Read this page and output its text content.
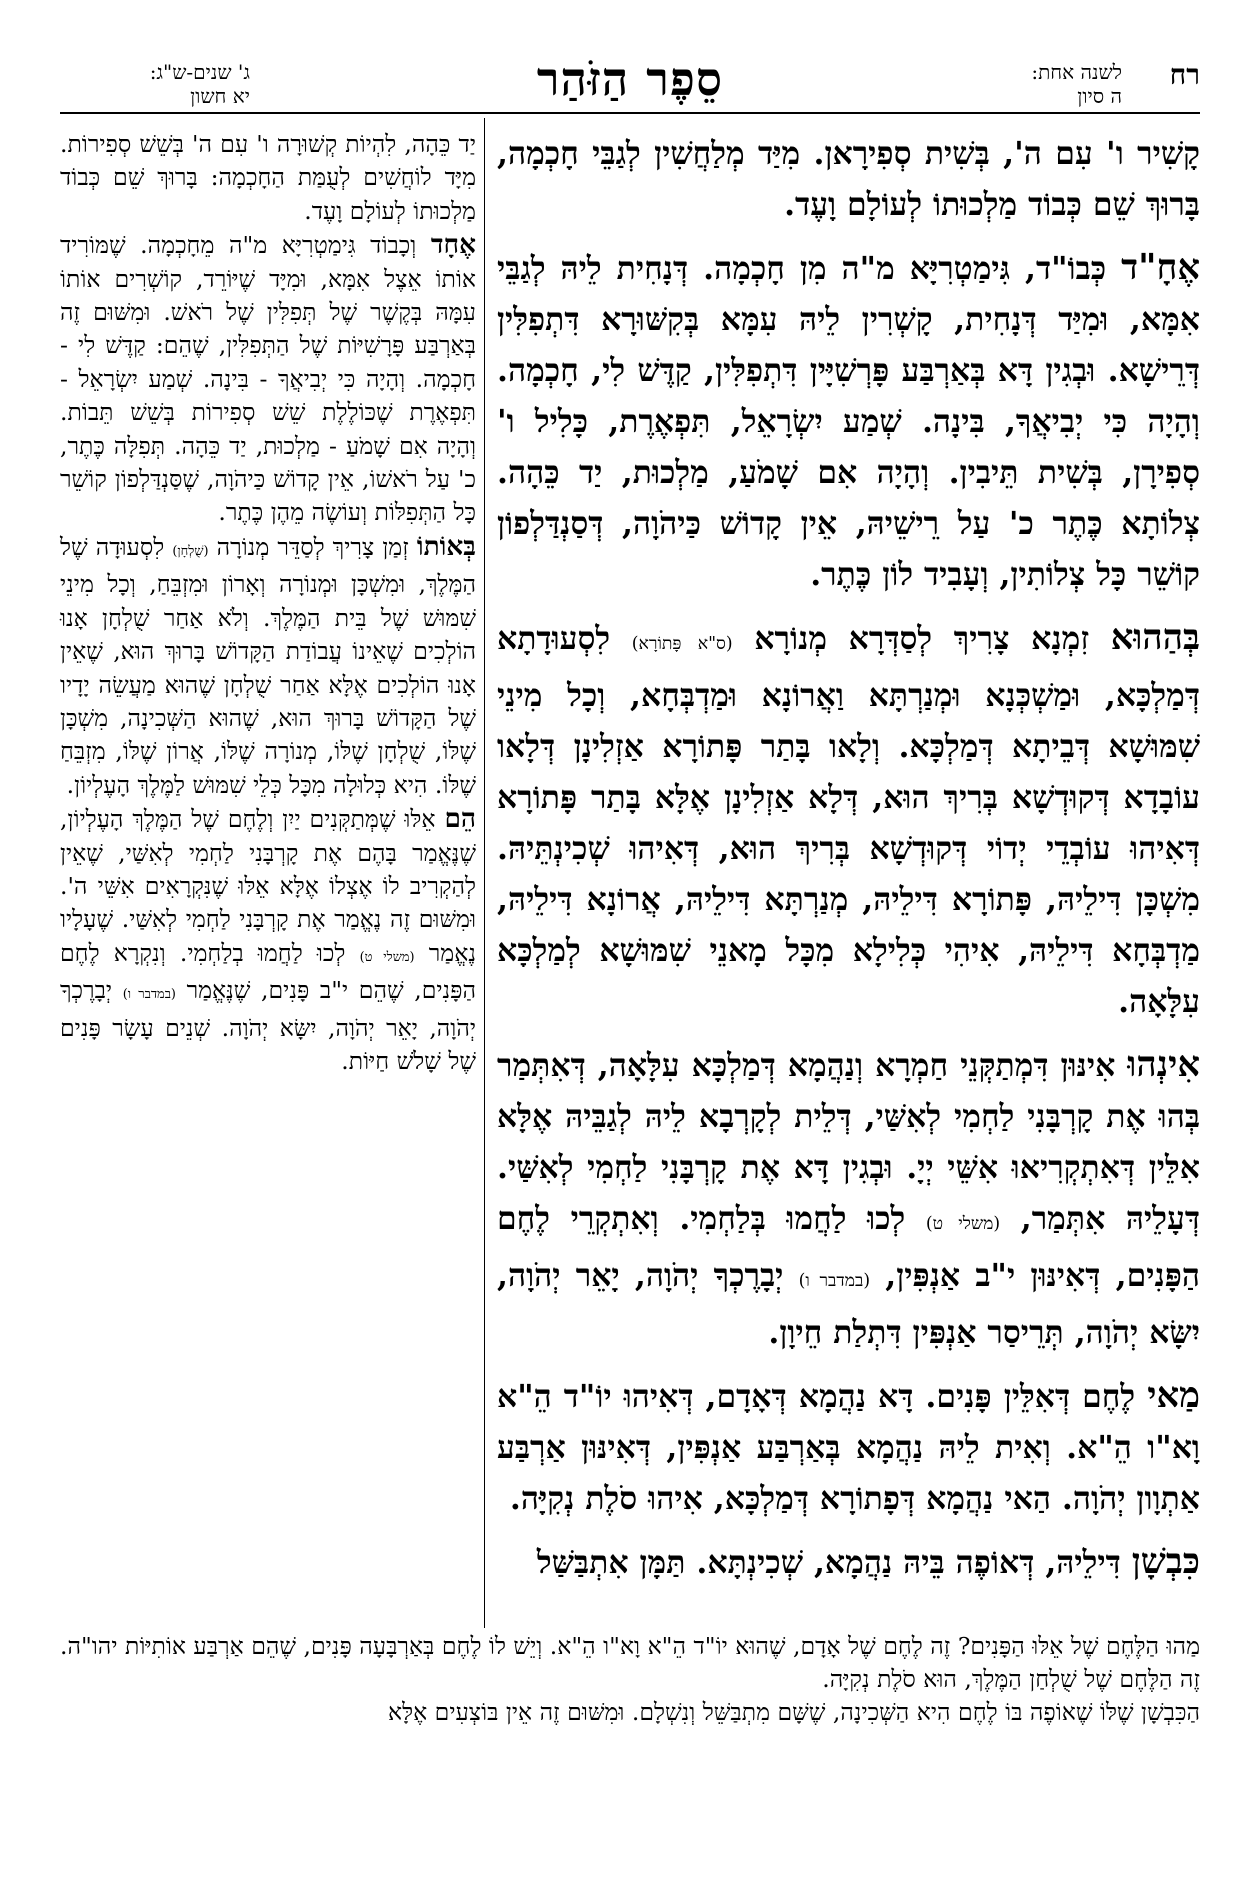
רח
לשנה אחת:
ה סיון
סֵפֶר הַזֹּהַר
ג' שנים-ש"ג:
יא חשון

קָשִׁיר ו' עִם ה', בְּשִׁית סְפִירָאן. מִיַּד מְלַחֲשִׁין לְגַבֵּי חָכְמָה, בָּרוּךְ שֵׁם כְּבוֹד מַלְכוּתוֹ לְעוֹלָם וָעֶד.

אֶחָ"ד כְּבוֹ"ד, גִּימַטְרִיָּא מ"ה מִן חָכְמָה. דְּנָחִית לֵיהּ לְגַבֵּי אִמָּא, וּמִיַּד דְּנָחִית, קָשְׁרִין לֵיהּ עִמָּא בְּקִשּׁוּרָא דִּתְפִלִּין דְּרֵישָׁא. וּבְגִין דָּא בְּאַרְבַּע פָּרְשִׁיָּין דִּתְפִלִּין, קַדֶּשׁ לִי, חָכְמָה. וְהָיָה כִּי יְבִיאֲךָ, בִּינָה. שְׁמַע יִשְׂרָאֵל, תִּפְאֶרֶת, כָּלִיל ו' סְפִירָן, בְּשִׁית תֵּיבִין. וְהָיָה אִם שָׁמֹעַ, מַלְכוּת, יַד כֵּהָה. צְלוֹתָא כֶּתֶר כ' עַל רֵישֵׁיהּ, אֵין קָדוֹשׁ כַּיהֹוָה, דְּסַנְדַּלְפוֹן קוֹשֵׁר כָּל צְלוֹתִין, וְעָבִיד לוֹן כֶּתֶר.

בְּהַהוּא זִמְנָא צָרִיךְ לְסַדְּרָא מְנוֹרָא (ס"א פָּתוֹרָא) לִסְעוּדָתָא דְּמַלְכָּא, וּמַשְׁכְּנָא וּמְנַרְתָּא וַאֲרוֹנָא וּמַדְבְּחָא, וְכָל מִינֵי שִׁמּוּשָׁא דְּבֵיתָא דְּמַלְכָּא. וְלָאו בָּתַר פָּתוֹרָא אַזְלִינָן דְּלָאו עוֹבָדָא דְּקוּדְשָׁא בְּרִיךְ הוּא, דְּלָא אַזְלִינָן אֶלָּא בָּתַר פָּתוֹרָא דְּאִיהוּ עוֹבְדֵי יְדוֹי דְּקוּדְשָׁא בְּרִיךְ הוּא, דְּאִיהוּ שְׁכִינְתֵּיהּ. מִשְׁכָּן דִּילֵיהּ, פָּתוֹרָא דִּילֵיהּ, מְנַרְתָּא דִּילֵיהּ, אֲרוֹנָא דִּילֵיהּ, מַדְבְּחָא דִּילֵיהּ, אִיהִי כְּלִילָא מִכָּל מָאנֵי שִׁמּוּשָׁא לְמַלְכָּא עִלָּאָה.

אִינְהוּ אִינּוּן דִּמְתַקְּנֵי חַמְרָא וְנַהֲמָא דְּמַלְכָּא עִלָּאָה, דְּאִתְּמַר בְּהוּ אֶת קָרְבָּנִי לַחְמִי לְאִשַּׁי, דְּלֵית לְקָרְבָא לֵיהּ לְגַבֵּיהּ אֶלָּא אִלֵּין דְּאִתְקְרִיאוּ אִשֵּׁי יְיָ. וּבְגִין דָּא אֶת קָרְבָּנִי לַחְמִי לְאִשַּׁי. דְּעָלֵיהּ אִתְּמַר, (משלי ט) לְכוּ לַחֲמוּ בְּלַחְמִי. וְאִתְקְרֵי לֶחֶם הַפָּנִים, דְּאִינּוּן י"ב אַנְפִּין, (במדבר ו) יְבָרֶכְךָ יְהֹוָה, יָאֵר יְהֹוָה, יִשָּׂא יְהֹוָה, תְּרֵיסַר אַנְפִּין דִּתְלַת חֵיוָן.

מַאי לֶחֶם דְּאִלֵּין פָּנִים. דָּא נַהֲמָא דְּאָדָם, דְּאִיהוּ יוֹ"ד הֵ"א וָא"ו הֵ"א. וְאִית לֵיהּ נַהֲמָא בְּאַרְבַּע אַנְפִּין, דְּאִינּוּן אַרְבַּע אַתְוָון יְהֹוָה. הַאי נַהֲמָא דְּפָתוֹרָא דְּמַלְכָּא, אִיהוּ סֹלֶת נְקִיָּה.

כִּבְשָׁן דִּילֵיהּ, דְּאוֹפֶה בֵּיהּ נַהֲמָא, שְׁכִינְתָּא. תַּמָּן אִתְבַּשַּׁל

יַד כֵּהָה, לִהְיוֹת קְשׁוּרָה ו' עִם ה' בְּשֵׁשׁ סְפִירוֹת. מִיָּד לוֹחֲשִׁים לְעֻמַּת הַחָכְמָה: בָּרוּךְ שֵׁם כְּבוֹד מַלְכוּתוֹ לְעוֹלָם וָעֶד.

אֶחָד וְכָבוֹד גִּימַטְרִיָּא מ"ה מֵחָכְמָה. שֶׁמּוֹרִיד אוֹתוֹ אֵצֶל אִמָּא, וּמִיָּד שֶׁיּוֹרֵד, קוֹשְׁרִים אוֹתוֹ עִמָּהּ בְּקֶשֶׁר שֶׁל תְּפִלִּין שֶׁל רֹאשׁ. וּמִשּׁוּם זֶה בְּאַרְבַּע פָּרָשִׁיּוֹת שֶׁל הַתְּפִלִּין, שֶׁהֵם: קַדֶּשׁ לִי - חָכְמָה. וְהָיָה כִּי יְבִיאֲךָ - בִּינָה. שְׁמַע יִשְׂרָאֵל - תִּפְאֶרֶת שֶׁכּוֹלֶלֶת שֵׁשׁ סְפִירוֹת בְּשֵׁשׁ תֵּבוֹת. וְהָיָה אִם שָׁמֹעַ - מַלְכוּת, יַד כֵּהָה. תְּפִלָּה כֶּתֶר, כ' עַל רֹאשׁוֹ, אֵין קָדוֹשׁ כַּיהֹוָה, שֶׁסַּנְדַּלְפוֹן קוֹשֵׁר כָּל הַתְּפִלּוֹת וְעוֹשֶׂה מֵהֶן כֶּתֶר.

בְּאוֹתוֹ זְמַן צָרִיךְ לְסַדֵּר מְנוֹרָה (שֻׁלְחָן) לִסְעוּדָה שֶׁל הַמֶּלֶךְ, וּמִשְׁכָּן וּמְנוֹרָה וְאָרוֹן וּמִזְבֵּחַ, וְכָל מִינֵי שִׁמּוּשׁ שֶׁל בֵּית הַמֶּלֶךְ. וְלֹא אַחַר שֻׁלְחָן אָנוּ הוֹלְכִים שֶׁאֵינוֹ עֲבוֹדַת הַקָּדוֹשׁ בָּרוּךְ הוּא, שֶׁאֵין אָנוּ הוֹלְכִים אֶלָּא אַחַר שֻׁלְחָן שֶׁהוּא מַעֲשֵׂה יָדָיו שֶׁל הַקָּדוֹשׁ בָּרוּךְ הוּא, שֶׁהוּא הַשְּׁכִינָה, מִשְׁכָּן שֶׁלּוֹ, שֻׁלְחָן שֶׁלּוֹ, מְנוֹרָה שֶׁלּוֹ, אֲרוֹן שֶׁלּוֹ, מִזְבֵּחַ שֶׁלּוֹ. הִיא כְּלוּלָה מִכָּל כְּלֵי שִׁמּוּשׁ לַמֶּלֶךְ הָעֶלְיוֹן.

הֵם אֵלּוּ שֶׁמְּתַקְּנִים יַיִן וְלֶחֶם שֶׁל הַמֶּלֶךְ הָעֶלְיוֹן, שֶׁנֶּאֱמַר בָּהֶם אֶת קָרְבָּנִי לַחְמִי לְאִשַּׁי, שֶׁאֵין לְהַקְרִיב לוֹ אֶצְלוֹ אֶלָּא אֵלּוּ שֶׁנִּקְרָאִים אִשֵּׁי ה'. וּמִשּׁוּם זֶה נֶאֱמַר אֶת קָרְבָּנִי לַחְמִי לְאִשַּׁי. שֶׁעָלָיו נֶאֱמַר (משלי ט) לְכוּ לַחֲמוּ בְלַחְמִי. וְנִקְרָא לֶחֶם הַפָּנִים, שֶׁהֵם י"ב פָּנִים, שֶׁנֶּאֱמַר (במדבר ו) יְבָרֶכְךָ יְהֹוָה, יָאֵר יְהֹוָה, יִשָּׂא יְהֹוָה. שְׁנֵים עָשָׂר פָּנִים שֶׁל שָׁלֹשׁ חַיּוֹת.

מַהוּ הַלֶּחֶם שֶׁל אֵלּוּ הַפָּנִים? זֶה לֶחֶם שֶׁל אָדָם, שֶׁהוּא יוֹ"ד הֵ"א וָא"ו הֵ"א. וְיֵשׁ לוֹ לֶחֶם בְּאַרְבָּעָה פָּנִים, שֶׁהֵם אַרְבַּע אוֹתִיּוֹת יהו"ה. זֶה הַלֶּחֶם שֶׁל שֻׁלְחַן הַמֶּלֶךְ, הוּא סֹלֶת נְקִיָּה.

הַכִּבְשָׁן שֶׁלּוֹ שֶׁאוֹפֶה בּוֹ לֶחֶם הִיא הַשְּׁכִינָה, שֶׁשָּׁם מִתְבַּשֵּׁל וְנִשְׁלָם. וּמִשּׁוּם זֶה אֵין בּוֹצְעִים אֶלָּא
